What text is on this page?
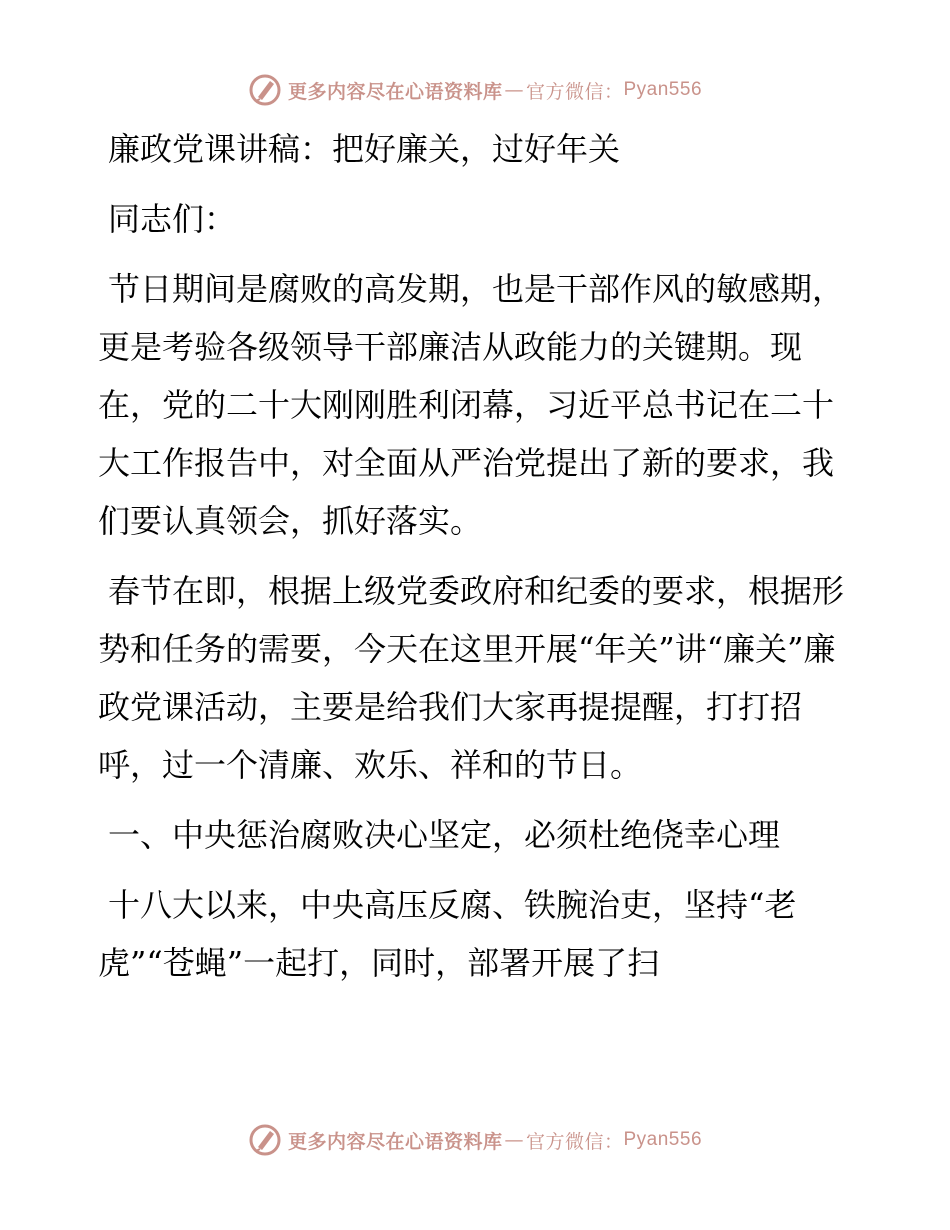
更多内容尽在心语资料库 — 官方微信： Pyan556

廉政党课讲稿：把好廉关，过好年关

同志们：

节日期间是腐败的高发期，也是干部作风的敏感期，更是考验各级领导干部廉洁从政能力的关键期。现在，党的二十大刚刚胜利闭幕，习近平总书记在二十大工作报告中，对全面从严治党提出了新的要求，我们要认真领会，抓好落实。

春节在即，根据上级党委政府和纪委的要求，根据形势和任务的需要，今天在这里开展“年关”讲“廉关”廉政党课活动，主要是给我们大家再提提醒，打打招呼，过一个清廉、欢乐、祥和的节日。

一、中央惩治腐败决心坚定，必须杜绝侥幸心理

十八大以来，中央高压反腐、铁腕治吏，坚持“老虎”“苍蝇”一起打，同时，部署开展了扫

更多内容尽在心语资料库 — 官方微信： Pyan556
